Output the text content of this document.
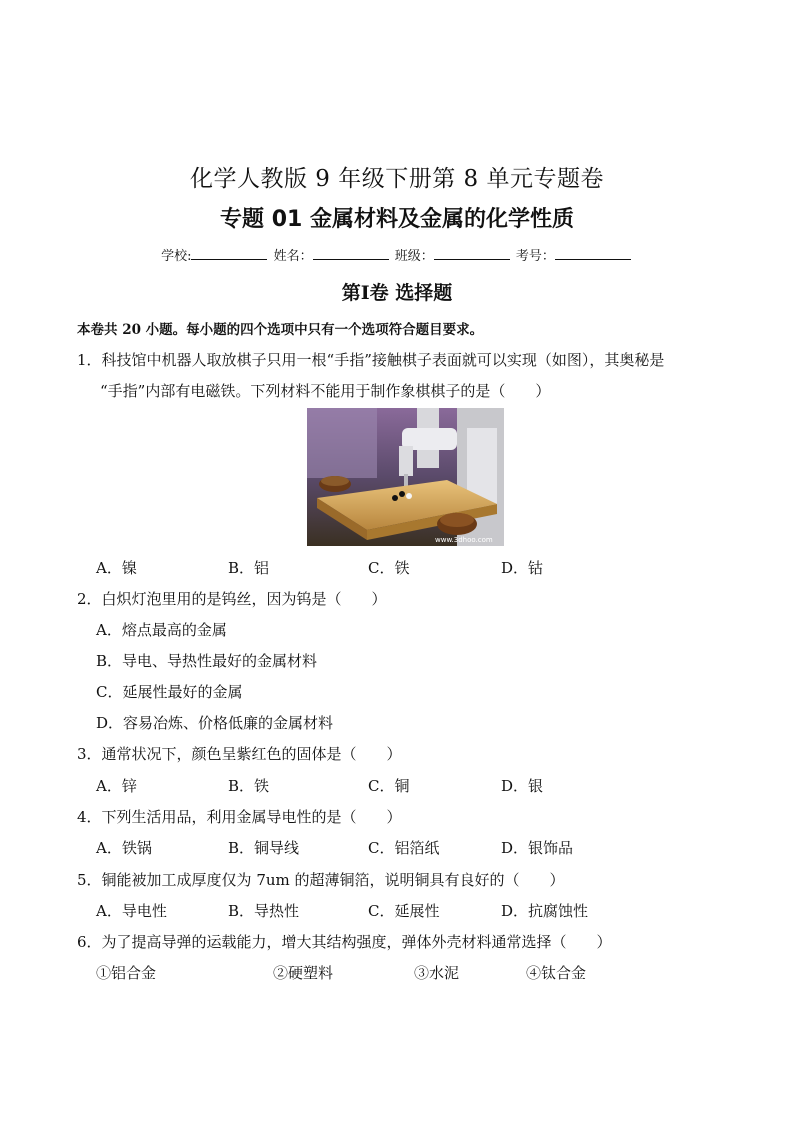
化学人教版 9 年级下册第 8 单元专题卷
专题 01 金属材料及金属的化学性质
学校:	姓名：	班级：	考号：
第Ⅰ卷 选择题
本卷共 20 小题。每小题的四个选项中只有一个选项符合题目要求。
1．科技馆中机器人取放棋子只用一根“手指”接触棋子表面就可以实现（如图），其奥秘是
“手指”内部有电磁铁。下列材料不能用于制作象棋棋子的是（　　）
www.3dhoo.com
A．镍	B．铝	C．铁	D．钴
2．白炽灯泡里用的是钨丝，因为钨是（　　）
A．熔点最高的金属
B．导电、导热性最好的金属材料
C．延展性最好的金属
D．容易冶炼、价格低廉的金属材料
3．通常状况下，颜色呈紫红色的固体是（　　）
A．锌	B．铁	C．铜	D．银
4．下列生活用品，利用金属导电性的是（　　）
A．铁锅	B．铜导线	C．铝箔纸	D．银饰品
5．铜能被加工成厚度仅为 7um 的超薄铜箔，说明铜具有良好的（　　）
A．导电性	B．导热性	C．延展性	D．抗腐蚀性
6．为了提高导弹的运载能力，增大其结构强度，弹体外壳材料通常选择（　　）
①铝合金	②硬塑料	③水泥	④钛合金
